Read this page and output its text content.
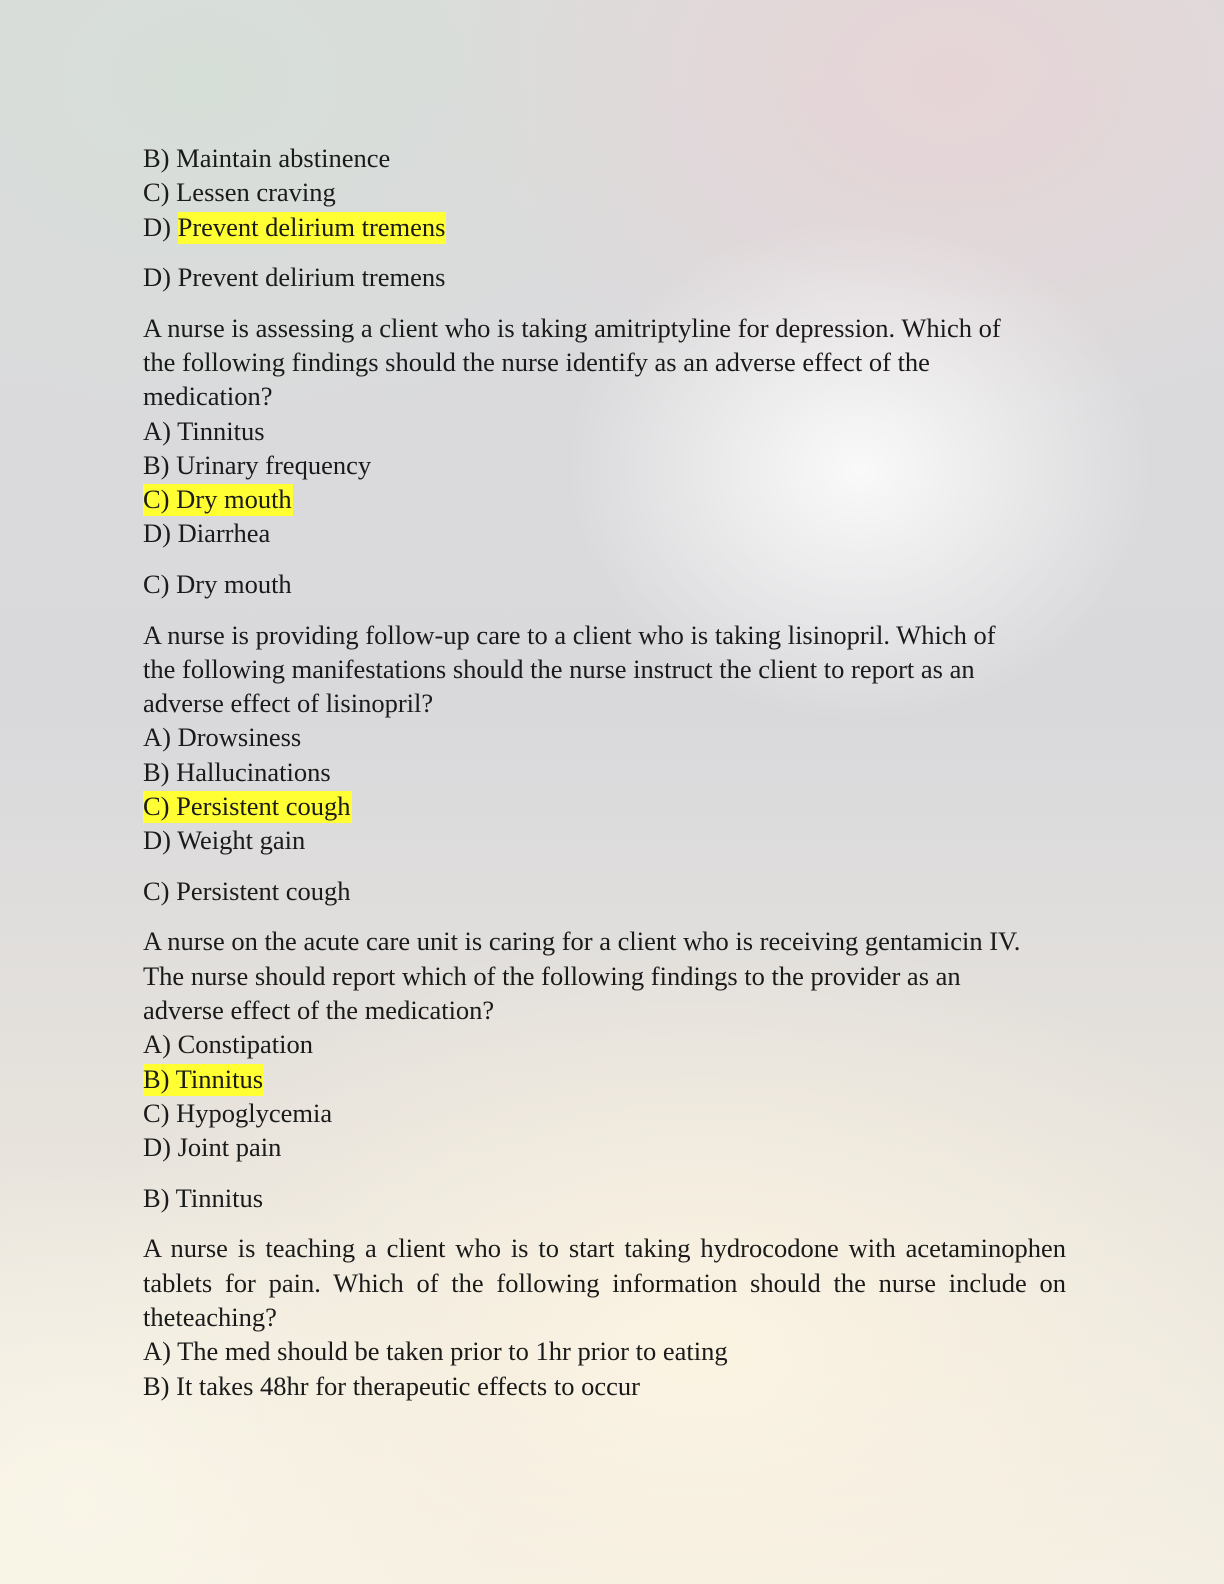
B) Maintain abstinence
C) Lessen craving
D) Prevent delirium tremens
D) Prevent delirium tremens
A nurse is assessing a client who is taking amitriptyline for depression. Which of
the following findings should the nurse identify as an adverse effect of the
medication?
A) Tinnitus
B) Urinary frequency
C) Dry mouth
D) Diarrhea
C) Dry mouth
A nurse is providing follow-up care to a client who is taking lisinopril. Which of
the following manifestations should the nurse instruct the client to report as an
adverse effect of lisinopril?
A) Drowsiness
B) Hallucinations
C) Persistent cough
D) Weight gain
C) Persistent cough
A nurse on the acute care unit is caring for a client who is receiving gentamicin IV.
The nurse should report which of the following findings to the provider as an
adverse effect of the medication?
A) Constipation
B) Tinnitus
C) Hypoglycemia
D) Joint pain
B) Tinnitus
A nurse is teaching a client who is to start taking hydrocodone with acetaminophen
tablets for pain. Which of the following information should the nurse include on
theteaching?
A) The med should be taken prior to 1hr prior to eating
B) It takes 48hr for therapeutic effects to occur
